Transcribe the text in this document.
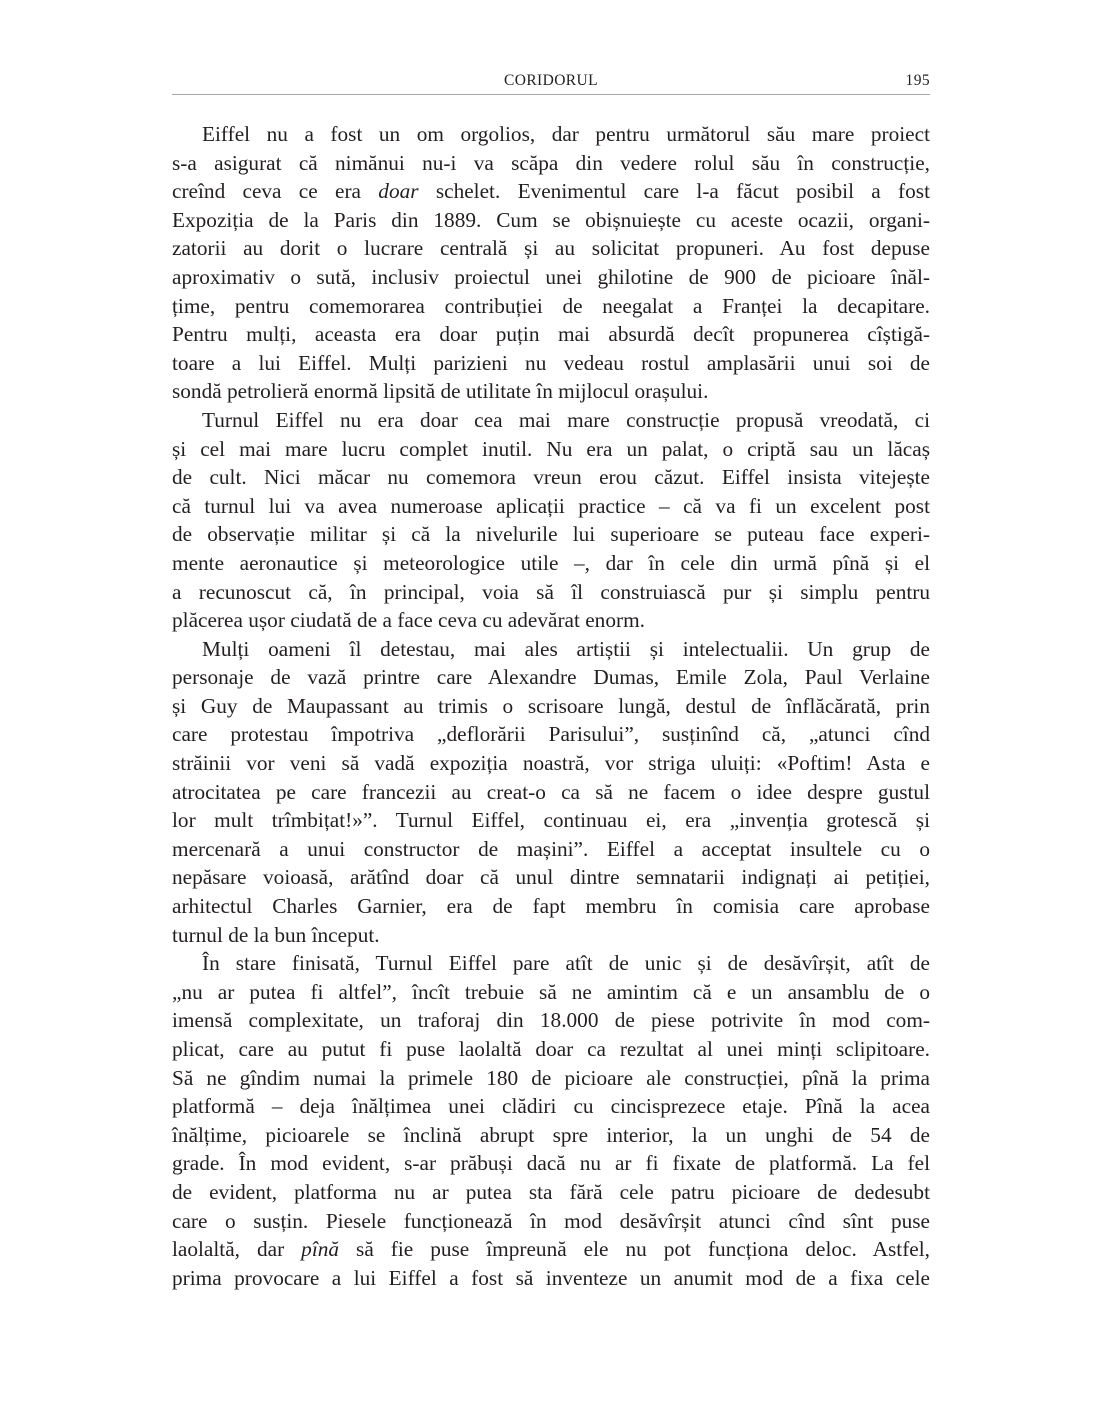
CORIDORUL	195
Eiffel nu a fost un om orgolios, dar pentru următorul său mare proiect
s-a asigurat că nimănui nu-i va scăpa din vedere rolul său în construcție,
creînd ceva ce era doar schelet. Evenimentul care l-a făcut posibil a fost
Expoziția de la Paris din 1889. Cum se obișnuiește cu aceste ocazii, organi-
zatorii au dorit o lucrare centrală și au solicitat propuneri. Au fost depuse
aproximativ o sută, inclusiv proiectul unei ghilotine de 900 de picioare înăl-
țime, pentru comemorarea contribuției de neegalat a Franței la decapitare.
Pentru mulți, aceasta era doar puțin mai absurdă decît propunerea cîștigă-
toare a lui Eiffel. Mulți parizieni nu vedeau rostul amplasării unui soi de
sondă petrolieră enormă lipsită de utilitate în mijlocul orașului.
Turnul Eiffel nu era doar cea mai mare construcție propusă vreodată, ci
și cel mai mare lucru complet inutil. Nu era un palat, o criptă sau un lăcaș
de cult. Nici măcar nu comemora vreun erou căzut. Eiffel insista vitejește
că turnul lui va avea numeroase aplicații practice – că va fi un excelent post
de observație militar și că la nivelurile lui superioare se puteau face experi-
mente aeronautice și meteorologice utile –, dar în cele din urmă pînă și el
a recunoscut că, în principal, voia să îl construiască pur și simplu pentru
plăcerea ușor ciudată de a face ceva cu adevărat enorm.
Mulți oameni îl detestau, mai ales artiștii și intelectualii. Un grup de
personaje de vază printre care Alexandre Dumas, Emile Zola, Paul Verlaine
și Guy de Maupassant au trimis o scrisoare lungă, destul de înflăcărată, prin
care protestau împotriva „deflorării Parisului”, susținînd că, „atunci cînd
străinii vor veni să vadă expoziția noastră, vor striga uluiți: «Poftim! Asta e
atrocitatea pe care francezii au creat-o ca să ne facem o idee despre gustul
lor mult trîmbițat!»”. Turnul Eiffel, continuau ei, era „invenția grotescă și
mercenară a unui constructor de mașini”. Eiffel a acceptat insultele cu o
nepăsare voioasă, arătînd doar că unul dintre semnatarii indignați ai petiției,
arhitectul Charles Garnier, era de fapt membru în comisia care aprobase
turnul de la bun început.
În stare finisată, Turnul Eiffel pare atît de unic și de desăvîrșit, atît de
„nu ar putea fi altfel”, încît trebuie să ne amintim că e un ansamblu de o
imensă complexitate, un traforaj din 18.000 de piese potrivite în mod com-
plicat, care au putut fi puse laolaltă doar ca rezultat al unei minți sclipitoare.
Să ne gîndim numai la primele 180 de picioare ale construcției, pînă la prima
platformă – deja înălțimea unei clădiri cu cincisprezece etaje. Pînă la acea
înălțime, picioarele se înclină abrupt spre interior, la un unghi de 54 de
grade. În mod evident, s-ar prăbuși dacă nu ar fi fixate de platformă. La fel
de evident, platforma nu ar putea sta fără cele patru picioare de dedesubt
care o susțin. Piesele funcționează în mod desăvîrșit atunci cînd sînt puse
laolaltă, dar pînă să fie puse împreună ele nu pot funcționa deloc. Astfel,
prima provocare a lui Eiffel a fost să inventeze un anumit mod de a fixa cele
